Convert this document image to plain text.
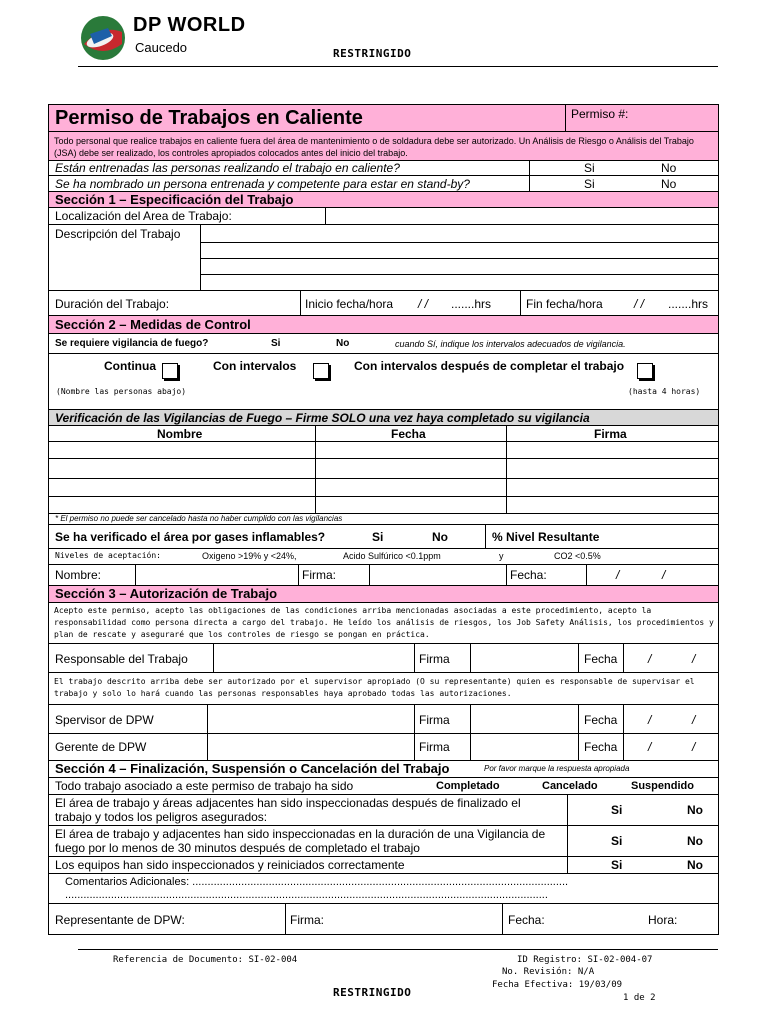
DP WORLD
Caucedo	RESTRINGIDO
Permiso de Trabajos en Caliente	Permiso #:
Todo personal que realice trabajos en caliente fuera del área de mantenimiento o de soldadura debe ser autorizado. Un Análisis de Riesgo o Análisis del Trabajo (JSA) debe ser realizado, los controles apropiados colocados antes del inicio del trabajo.
Están entrenadas las personas realizando el trabajo en caliente?	Si	No
Se ha nombrado un persona entrenada y competente para estar en stand-by?	Si	No
Sección 1 – Especificación del Trabajo
Localización del Area de Trabajo:
Descripción del Trabajo
Duración del Trabajo:	Inicio fecha/hora / / .......hrs	Fin fecha/hora	/ / .......hrs
Sección 2 – Medidas de Control
Se requiere vigilancia de fuego?	Si	No	cuando Sí, indique los intervalos adecuados de vigilancia.
Continua	Con intervalos	Con intervalos después de completar el trabajo
(Nombre las personas abajo)	(hasta 4 horas)
Verificación de las Vigilancias de Fuego – Firme SOLO una vez haya completado su vigilancia
Nombre	Fecha	Firma
* El permiso no puede ser cancelado hasta no haber cumplido con las vigilancias
Se ha verificado el área por gases inflamables?	Si	No	% Nivel Resultante
Niveles de aceptación:	Oxigeno >19% y <24%,	Acido Sulfúrico <0.1ppm	y	CO2 <0.5%
Nombre:	Firma:	Fecha:	/	/
Sección 3 – Autorización de Trabajo
Acepto este permiso, acepto las obligaciones de las condiciones arriba mencionadas asociadas a este procedimiento, acepto la responsabilidad como persona directa a cargo del trabajo. He leído los análisis de riesgos, los Job Safety Análisis, los procedimientos y plan de rescate y aseguraré que los controles de riesgo se pongan en práctica.
Responsable del Trabajo	Firma	Fecha	/	/
El trabajo descrito arriba debe ser autorizado por el supervisor apropiado (O su representante) quien es responsable de supervisar el trabajo y solo lo hará cuando las personas responsables haya aprobado todas las autorizaciones.
Spervisor de DPW	Firma	Fecha	/	/
Gerente de DPW	Firma	Fecha	/	/
Sección 4 – Finalización, Suspensión o Cancelación del Trabajo	Por favor marque la respuesta apropiada
Todo trabajo asociado a este permiso de trabajo ha sido	Completado	Cancelado	Suspendido
El área de trabajo y áreas adjacentes han sido inspeccionadas después de finalizado el trabajo y todos los peligros asegurados:	Si	No
El área de trabajo y adjacentes han sido inspeccionadas en la duración de una Vigilancia de fuego por lo menos de 30 minutos después de completado el trabajo	Si	No
Los equipos han sido inspeccionados y reiniciados correctamente	Si	No
Comentarios Adicionales: ...........................................................................................................................
..............................................................................................................................................................
Representante de DPW:	Firma:	Fecha:	Hora:
Referencia de Documento: SI-02-004	ID Registro: SI-02-004-07
No. Revisión: N/A
Fecha Efectiva: 19/03/09
RESTRINGIDO	1 de 2
